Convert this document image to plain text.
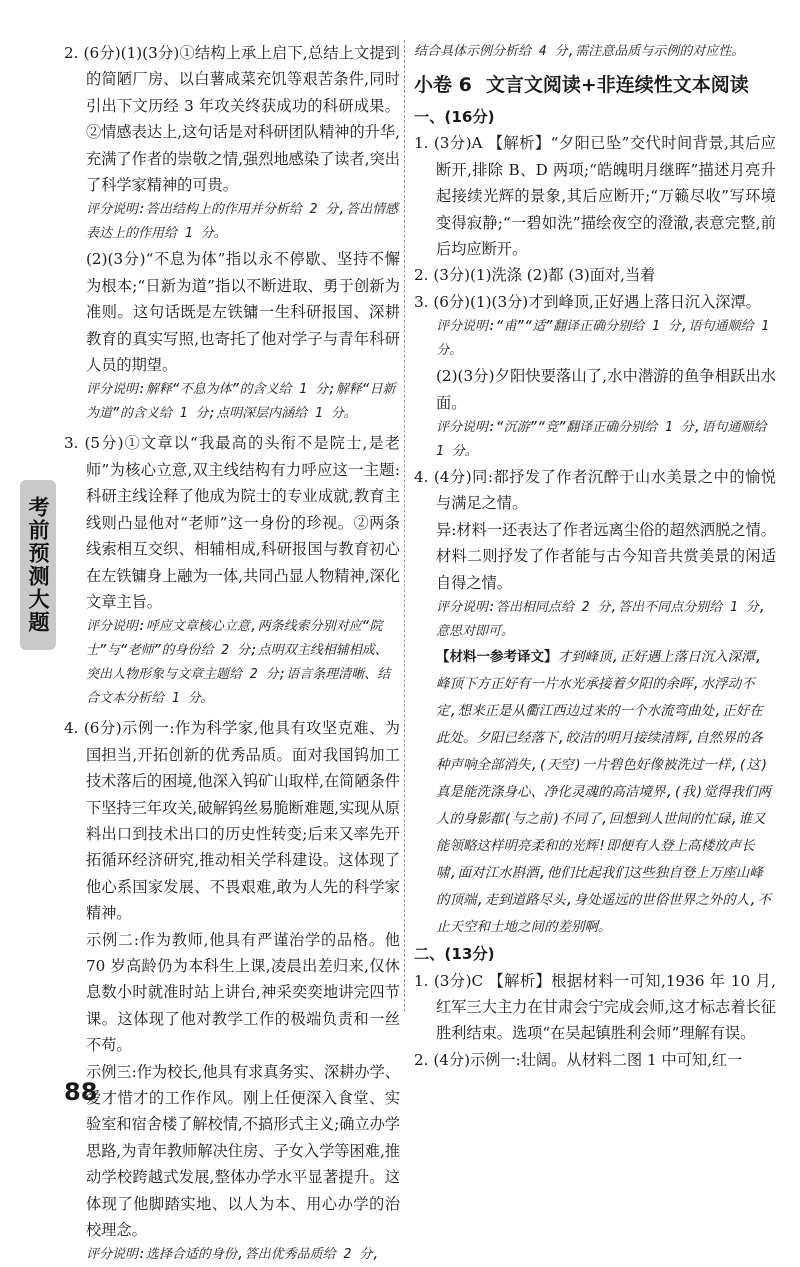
2. (6分)(1)(3分)①结构上承上启下,总结上文提到的简陋厂房、以白薯咸菜充饥等艰苦条件,同时引出下文历经 3 年攻关终获成功的科研成果。②情感表达上,这句话是对科研团队精神的升华,充满了作者的崇敬之情,强烈地感染了读者,突出了科学家精神的可贵。
评分说明:答出结构上的作用并分析给 2 分,答出情感表达上的作用给 1 分。
(2)(3分)“不息为体”指以永不停歇、坚持不懈为根本;“日新为道”指以不断进取、勇于创新为准则。这句话既是左铁镛一生科研报国、深耕教育的真实写照,也寄托了他对学子与青年科研人员的期望。
评分说明:解释“不息为体”的含义给 1 分;解释“日新为道”的含义给 1 分;点明深层内涵给 1 分。
3. (5分)①文章以“我最高的头衔不是院士,是老师”为核心立意,双主线结构有力呼应这一主题:科研主线诠释了他成为院士的专业成就,教育主线则凸显他对“老师”这一身份的珍视。②两条线索相互交织、相辅相成,科研报国与教育初心在左铁镛身上融为一体,共同凸显人物精神,深化文章主旨。
评分说明:呼应文章核心立意,两条线索分别对应“院士”与“老师”的身份给 2 分;点明双主线相辅相成、突出人物形象与文章主题给 2 分;语言条理清晰、结合文本分析给 1 分。
4. (6分)示例一:作为科学家,他具有攻坚克难、为国担当,开拓创新的优秀品质。面对我国钨加工技术落后的困境,他深入钨矿山取样,在简陋条件下坚持三年攻关,破解钨丝易脆断难题,实现从原料出口到技术出口的历史性转变;后来又率先开拓循环经济研究,推动相关学科建设。这体现了他心系国家发展、不畏艰难,敢为人先的科学家精神。
示例二:作为教师,他具有严谨治学的品格。他 70 岁高龄仍为本科生上课,凌晨出差归来,仅休息数小时就准时站上讲台,神采奕奕地讲完四节课。这体现了他对教学工作的极端负责和一丝不苟。
示例三:作为校长,他具有求真务实、深耕办学、爱才惜才的工作作风。刚上任便深入食堂、实验室和宿舍楼了解校情,不搞形式主义;确立办学思路,为青年教师解决住房、子女入学等困难,推动学校跨越式发展,整体办学水平显著提升。这体现了他脚踏实地、以人为本、用心办学的治校理念。
评分说明:选择合适的身份,答出优秀品质给 2 分,
结合具体示例分析给 4 分,需注意品质与示例的对应性。
小卷 6 文言文阅读+非连续性文本阅读
一、(16分)
1. (3分)A 【解析】“夕阳已坠”交代时间背景,其后应断开,排除 B、D 两项;“皓魄明月继晖”描述月亮升起接续光辉的景象,其后应断开;“万籁尽收”写环境变得寂静;“一碧如洗”描绘夜空的澄澈,表意完整,前后均应断开。
2. (3分)(1)洗涤 (2)都 (3)面对,当着
3. (6分)(1)(3分)才到峰顶,正好遇上落日沉入深潭。
评分说明:“甫”“适”翻译正确分别给 1 分,语句通顺给 1 分。
(2)(3分)夕阳快要落山了,水中潜游的鱼争相跃出水面。
评分说明:“沉游”“竞”翻译正确分别给 1 分,语句通顺给 1 分。
4. (4分)同:都抒发了作者沉醉于山水美景之中的愉悦与满足之情。
异:材料一还表达了作者远离尘俗的超然洒脱之情。材料二则抒发了作者能与古今知音共赏美景的闲适自得之情。
评分说明:答出相同点给 2 分,答出不同点分别给 1 分,意思对即可。
【材料一参考译文】才到峰顶,正好遇上落日沉入深潭,峰顶下方正好有一片水光承接着夕阳的余晖,水浮动不定,想来正是从衢江西边过来的一个水流弯曲处,正好在此处。夕阳已经落下,皎洁的明月接续清辉,自然界的各种声响全部消失,(天空)一片碧色好像被洗过一样,(这)真是能洗涤身心、净化灵魂的高洁境界,(我)觉得我们两人的身影都(与之前)不同了,回想到人世间的忙碌,谁又能领略这样明亮柔和的光辉!即便有人登上高楼放声长啸,面对江水斟酒,他们比起我们这些独自登上万座山峰的顶端,走到道路尽头,身处遥远的世俗世界之外的人,不止天空和土地之间的差别啊。
二、(13分)
1. (3分)C 【解析】根据材料一可知,1936 年 10 月,红军三大主力在甘肃会宁完成会师,这才标志着长征胜利结束。选项“在吴起镇胜利会师”理解有误。
2. (4分)示例一:壮阔。从材料二图 1 中可知,红一
考前预测大题
88
